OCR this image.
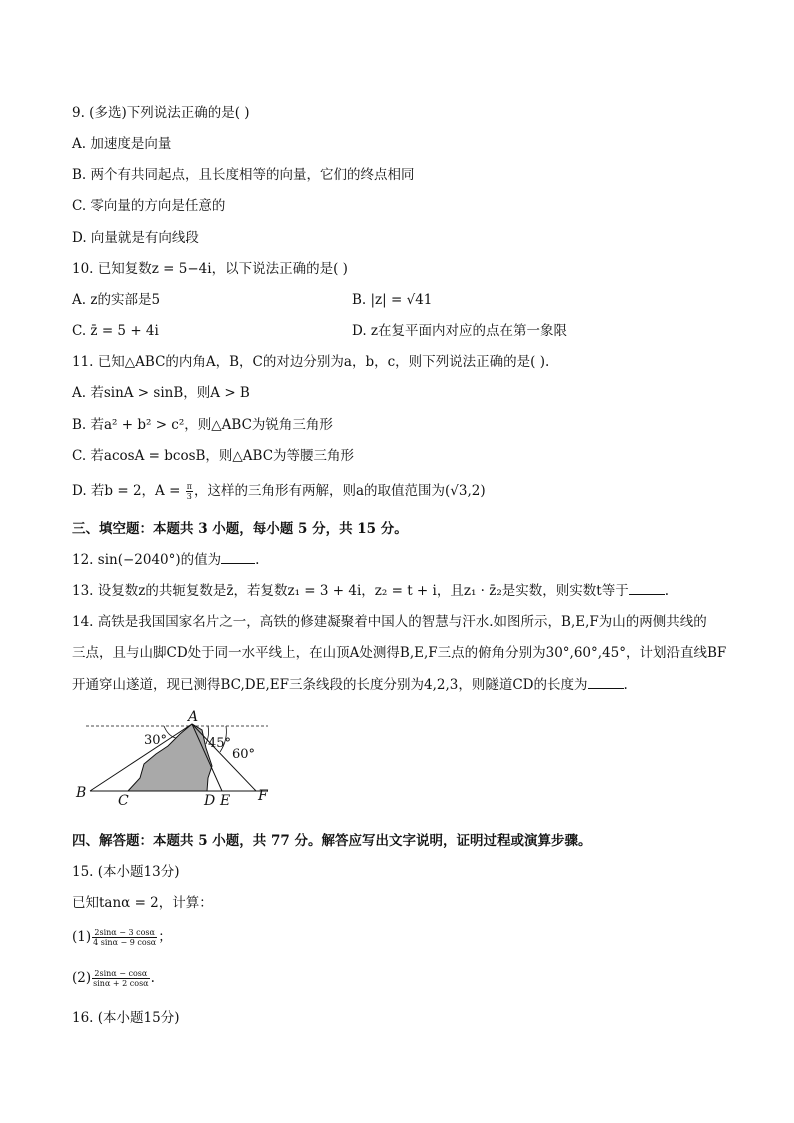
9. (多选)下列说法正确的是( )
A. 加速度是向量
B. 两个有共同起点，且长度相等的向量，它们的终点相同
C. 零向量的方向是任意的
D. 向量就是有向线段
10. 已知复数z = 5−4i，以下说法正确的是( )
A. z的实部是5	B. |z| = √41
C. z̄ = 5 + 4i	D. z在复平面内对应的点在第一象限
11. 已知△ABC的内角A，B，C的对边分别为a，b，c，则下列说法正确的是( ).
A. 若sinA > sinB，则A > B
B. 若a² + b² > c²，则△ABC为锐角三角形
C. 若acosA = bcosB，则△ABC为等腰三角形
D. 若b = 2，$A = \frac{\pi}{3}$ ，这样的三角形有两解，则a的取值范围为(√3,2)
三、填空题：本题共 3 小题，每小题 5 分，共 15 分。
12. sin(−2040°)的值为	.
13. 设复数z的共轭复数是z̄，若复数z₁ = 3 + 4i，z₂ = t + i，且z₁ · z̄₂是实数，则实数t等于	.
14. 高铁是我国国家名片之一，高铁的修建凝聚着中国人的智慧与汗水.如图所示，B,E,F为山的两侧共线的
三点，且与山脚CD处于同一水平线上，在山顶A处测得B,E,F三点的俯角分别为30°,60°,45°，计划沿直线BF
开通穿山遂道，现已测得BC,DE,EF三条线段的长度分别为4,2,3，则隧道CD的长度为	.
A
B C	D E F
30°	45°
60°
四、解答题：本题共 5 小题，共 77 分。解答应写出文字说明，证明过程或演算步骤。
15. (本小题13分)
已知tanα = 2，计算：
$(1) \frac{2\sin\alpha - 3 \cos\alpha}{4 \sin\alpha - 9 \cos\alpha}$ ；
$(2) \frac{2\sin\alpha - \cos\alpha}{\sin\alpha + 2 \cos\alpha}$ .
16. (本小题15分)
